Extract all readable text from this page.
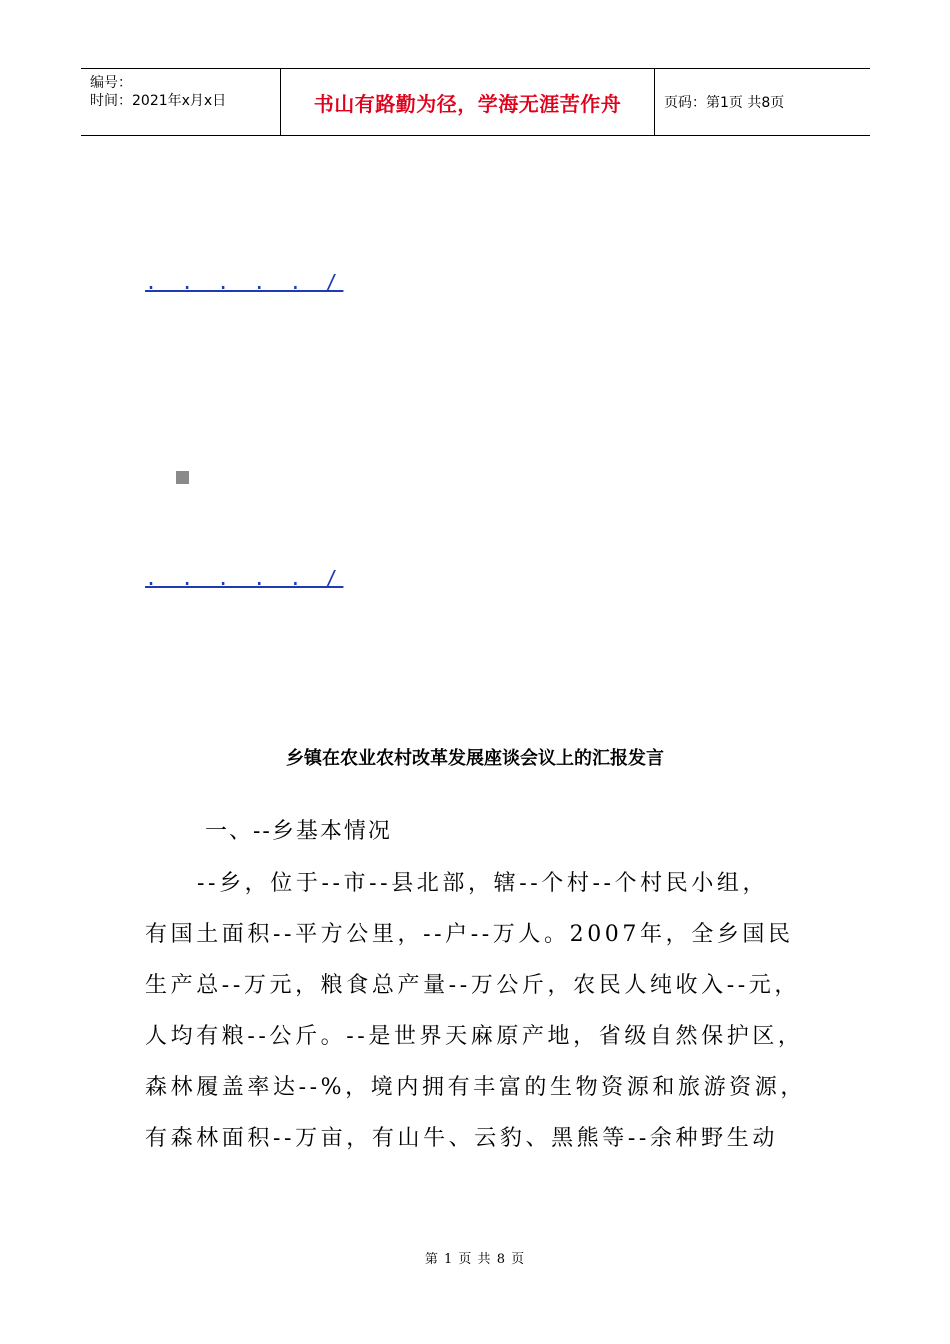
编号：
时间：2021年x月x日	书山有路勤为径，学海无涯苦作舟	页码：第1页 共8页
. . . . . /
. . . . . /
乡镇在农业农村改革发展座谈会议上的汇报发言
一、--乡基本情况
--乡，位于--市--县北部，辖--个村--个村民小组，
有国土面积--平方公里，--户--万人。2007年，全乡国民
生产总--万元，粮食总产量--万公斤，农民人纯收入--元，
人均有粮--公斤。--是世界天麻原产地，省级自然保护区，
森林履盖率达--%，境内拥有丰富的生物资源和旅游资源，
有森林面积--万亩，有山牛、云豹、黑熊等--余种野生动
第 1 页 共 8 页
